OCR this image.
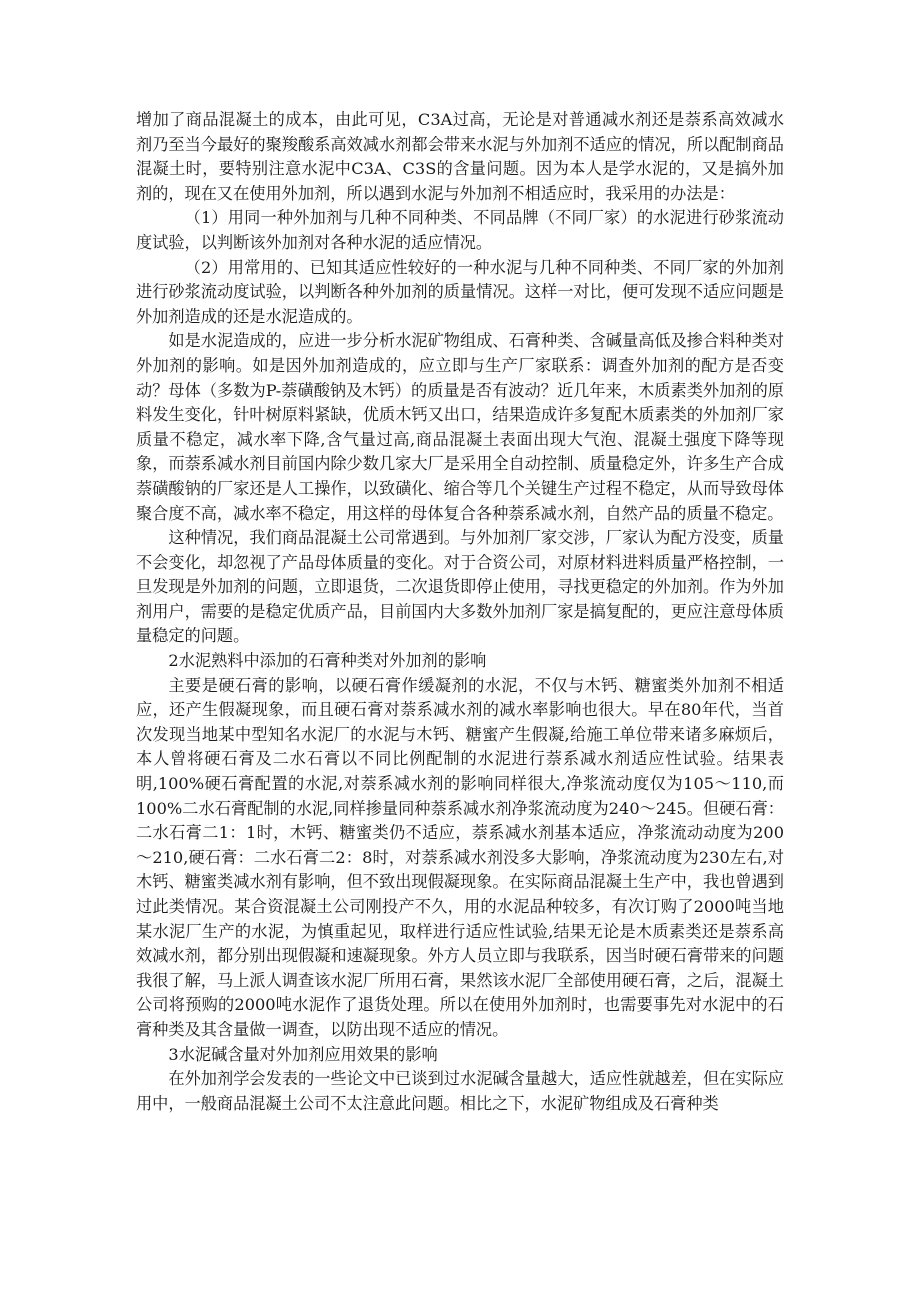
增加了商品混凝土的成本，由此可见，C3A过高，无论是对普通减水剂还是萘系高效减水剂乃至当今最好的聚羧酸系高效减水剂都会带来水泥与外加剂不适应的情况，所以配制商品混凝土时，要特别注意水泥中C3A、C3S的含量问题。因为本人是学水泥的，又是搞外加剂的，现在又在使用外加剂，所以遇到水泥与外加剂不相适应时，我采用的办法是：

（1）用同一种外加剂与几种不同种类、不同品牌（不同厂家）的水泥进行砂浆流动度试验，以判断该外加剂对各种水泥的适应情况。

（2）用常用的、已知其适应性较好的一种水泥与几种不同种类、不同厂家的外加剂进行砂浆流动度试验，以判断各种外加剂的质量情况。这样一对比，便可发现不适应问题是外加剂造成的还是水泥造成的。

如是水泥造成的，应进一步分析水泥矿物组成、石膏种类、含碱量高低及掺合料种类对外加剂的影响。如是因外加剂造成的，应立即与生产厂家联系：调查外加剂的配方是否变动？母体（多数为P-萘磺酸钠及木钙）的质量是否有波动？近几年来，木质素类外加剂的原料发生变化，针叶树原料紧缺，优质木钙又出口，结果造成许多复配木质素类的外加剂厂家质量不稳定，减水率下降,含气量过高,商品混凝土表面出现大气泡、混凝土强度下降等现象，而萘系减水剂目前国内除少数几家大厂是采用全自动控制、质量稳定外，许多生产合成萘磺酸钠的厂家还是人工操作，以致磺化、缩合等几个关键生产过程不稳定，从而导致母体聚合度不高，减水率不稳定，用这样的母体复合各种萘系减水剂，自然产品的质量不稳定。

这种情况，我们商品混凝土公司常遇到。与外加剂厂家交涉，厂家认为配方没变，质量不会变化，却忽视了产品母体质量的变化。对于合资公司，对原材料进料质量严格控制，一旦发现是外加剂的问题，立即退货，二次退货即停止使用，寻找更稳定的外加剂。作为外加剂用户，需要的是稳定优质产品，目前国内大多数外加剂厂家是搞复配的，更应注意母体质量稳定的问题。

2水泥熟料中添加的石膏种类对外加剂的影响

主要是硬石膏的影响，以硬石膏作缓凝剂的水泥，不仅与木钙、糖蜜类外加剂不相适应，还产生假凝现象，而且硬石膏对萘系减水剂的减水率影响也很大。早在80年代，当首次发现当地某中型知名水泥厂的水泥与木钙、糖蜜产生假凝,给施工单位带来诸多麻烦后，本人曾将硬石膏及二水石膏以不同比例配制的水泥进行萘系减水剂适应性试验。结果表明,100%硬石膏配置的水泥,对萘系减水剂的影响同样很大,净浆流动度仅为105～110,而100%二水石膏配制的水泥,同样掺量同种萘系减水剂净浆流动度为240～245。但硬石膏：二水石膏二1：1时，木钙、糖蜜类仍不适应，萘系减水剂基本适应，净浆流动动度为200～210,硬石膏：二水石膏二2：8时，对萘系减水剂没多大影响，净浆流动度为230左右,对木钙、糖蜜类减水剂有影响，但不致出现假凝现象。在实际商品混凝土生产中，我也曾遇到过此类情况。某合资混凝土公司刚投产不久，用的水泥品种较多，有次订购了2000吨当地某水泥厂生产的水泥，为慎重起见，取样进行适应性试验,结果无论是木质素类还是萘系高效减水剂，都分别出现假凝和速凝现象。外方人员立即与我联系，因当时硬石膏带来的问题我很了解，马上派人调查该水泥厂所用石膏，果然该水泥厂全部使用硬石膏，之后，混凝土公司将预购的2000吨水泥作了退货处理。所以在使用外加剂时，也需要事先对水泥中的石膏种类及其含量做一调查，以防出现不适应的情况。

3水泥碱含量对外加剂应用效果的影响

在外加剂学会发表的一些论文中已谈到过水泥碱含量越大，适应性就越差，但在实际应用中，一般商品混凝土公司不太注意此问题。相比之下，水泥矿物组成及石膏种类
